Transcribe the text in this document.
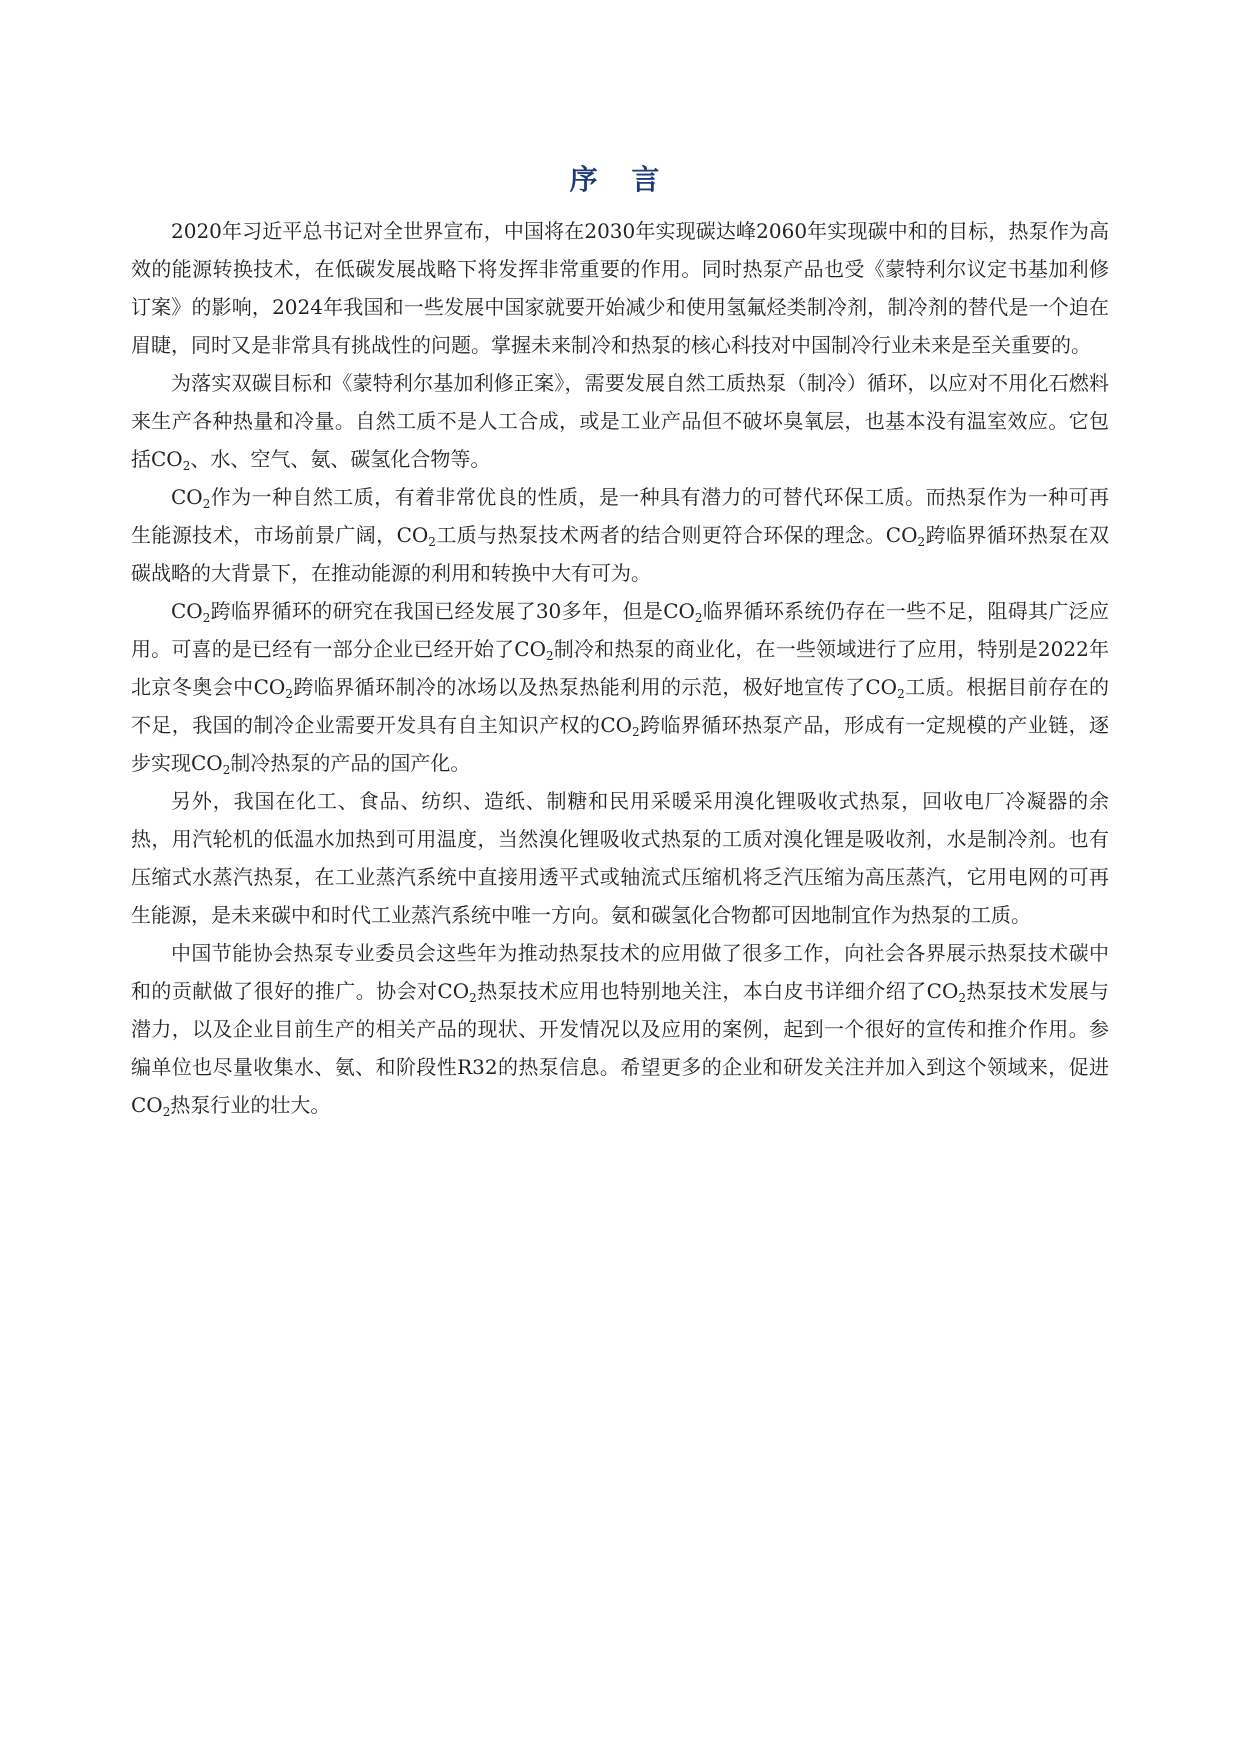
序 言

2020年习近平总书记对全世界宣布，中国将在2030年实现碳达峰2060年实现碳中和的目标，热泵作为高效的能源转换技术，在低碳发展战略下将发挥非常重要的作用。同时热泵产品也受《蒙特利尔议定书基加利修订案》的影响，2024年我国和一些发展中国家就要开始减少和使用氢氟烃类制冷剂，制冷剂的替代是一个迫在眉睫，同时又是非常具有挑战性的问题。掌握未来制冷和热泵的核心科技对中国制冷行业未来是至关重要的。

为落实双碳目标和《蒙特利尔基加利修正案》，需要发展自然工质热泵（制冷）循环，以应对不用化石燃料来生产各种热量和冷量。自然工质不是人工合成，或是工业产品但不破坏臭氧层，也基本没有温室效应。它包括$CO_2$、水、空气、氨、碳氢化合物等。

$CO_2$作为一种自然工质，有着非常优良的性质，是一种具有潜力的可替代环保工质。而热泵作为一种可再生能源技术，市场前景广阔，$CO_2$工质与热泵技术两者的结合则更符合环保的理念。$CO_2$跨临界循环热泵在双碳战略的大背景下，在推动能源的利用和转换中大有可为。

$CO_2$跨临界循环的研究在我国已经发展了30多年，但是$CO_2$临界循环系统仍存在一些不足，阻碍其广泛应用。可喜的是已经有一部分企业已经开始了$CO_2$制冷和热泵的商业化，在一些领域进行了应用，特别是2022年北京冬奥会中$CO_2$跨临界循环制冷的冰场以及热泵热能利用的示范，极好地宣传了$CO_2$工质。根据目前存在的不足，我国的制冷企业需要开发具有自主知识产权的$CO_2$跨临界循环热泵产品，形成有一定规模的产业链，逐步实现$CO_2$制冷热泵的产品的国产化。

另外，我国在化工、食品、纺织、造纸、制糖和民用采暖采用溴化锂吸收式热泵，回收电厂冷凝器的余热，用汽轮机的低温水加热到可用温度，当然溴化锂吸收式热泵的工质对溴化锂是吸收剂，水是制冷剂。也有压缩式水蒸汽热泵，在工业蒸汽系统中直接用透平式或轴流式压缩机将乏汽压缩为高压蒸汽，它用电网的可再生能源，是未来碳中和时代工业蒸汽系统中唯一方向。氨和碳氢化合物都可因地制宜作为热泵的工质。

中国节能协会热泵专业委员会这些年为推动热泵技术的应用做了很多工作，向社会各界展示热泵技术碳中和的贡献做了很好的推广。协会对$CO_2$热泵技术应用也特别地关注，本白皮书详细介绍了$CO_2$热泵技术发展与潜力，以及企业目前生产的相关产品的现状、开发情况以及应用的案例，起到一个很好的宣传和推介作用。参编单位也尽量收集水、氨、和阶段性R32的热泵信息。希望更多的企业和研发关注并加入到这个领域来，促进$CO_2$热泵行业的壮大。
